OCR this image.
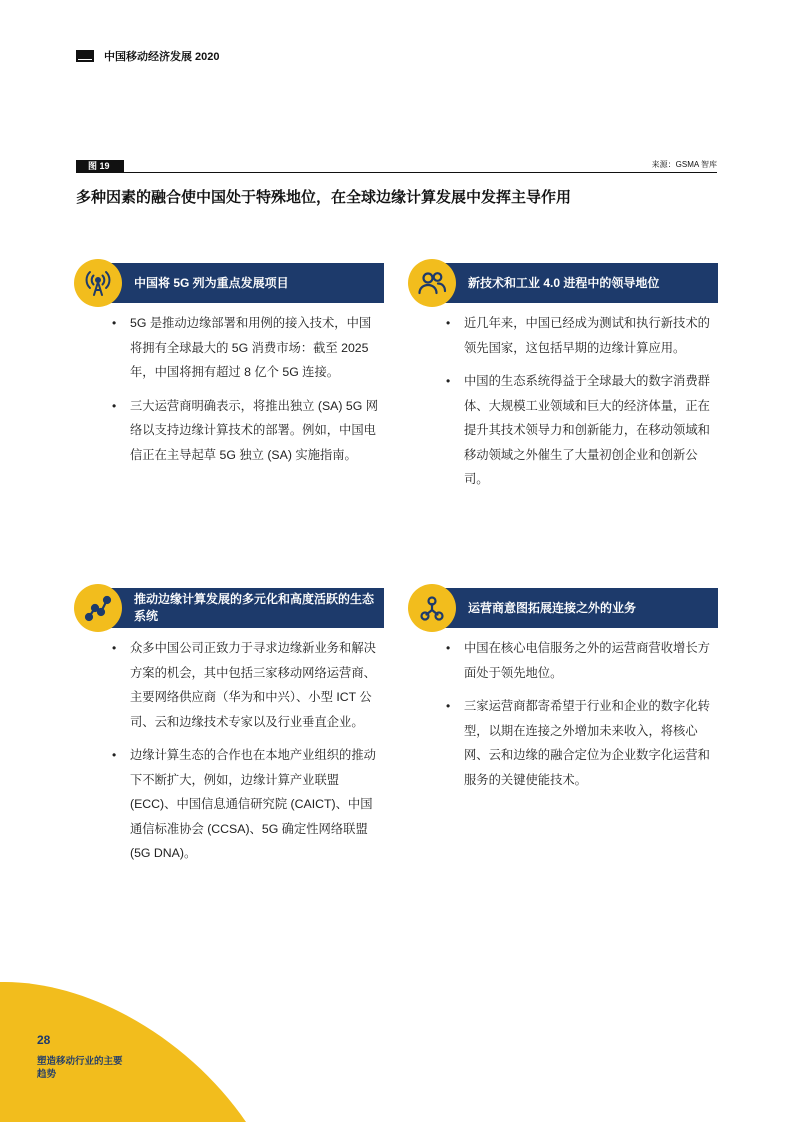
中国移动经济发展 2020
图 19	来源：GSMA 智库
多种因素的融合使中国处于特殊地位，在全球边缘计算发展中发挥主导作用
中国将 5G 列为重点发展项目
• 5G 是推动边缘部署和用例的接入技术，中国将拥有全球最大的 5G 消费市场：截至 2025 年，中国将拥有超过 8 亿个 5G 连接。
• 三大运营商明确表示，将推出独立 (SA) 5G 网络以支持边缘计算技术的部署。例如，中国电信正在主导起草 5G 独立 (SA) 实施指南。
新技术和工业 4.0 进程中的领导地位
• 近几年来，中国已经成为测试和执行新技术的领先国家，这包括早期的边缘计算应用。
• 中国的生态系统得益于全球最大的数字消费群体、大规模工业领域和巨大的经济体量，正在提升其技术领导力和创新能力，在移动领域和移动领域之外催生了大量初创企业和创新公司。
推动边缘计算发展的多元化和高度活跃的生态系统
• 众多中国公司正致力于寻求边缘新业务和解决方案的机会，其中包括三家移动网络运营商、主要网络供应商（华为和中兴）、小型 ICT 公司、云和边缘技术专家以及行业垂直企业。
• 边缘计算生态的合作也在本地产业组织的推动下不断扩大，例如，边缘计算产业联盟 (ECC)、中国信息通信研究院 (CAICT)、中国通信标准协会 (CCSA)、5G 确定性网络联盟 (5G DNA)。
运营商意图拓展连接之外的业务
• 中国在核心电信服务之外的运营商营收增长方面处于领先地位。
• 三家运营商都寄希望于行业和企业的数字化转型，以期在连接之外增加未来收入，将核心网、云和边缘的融合定位为企业数字化运营和服务的关键使能技术。
28
塑造移动行业的主要趋势
